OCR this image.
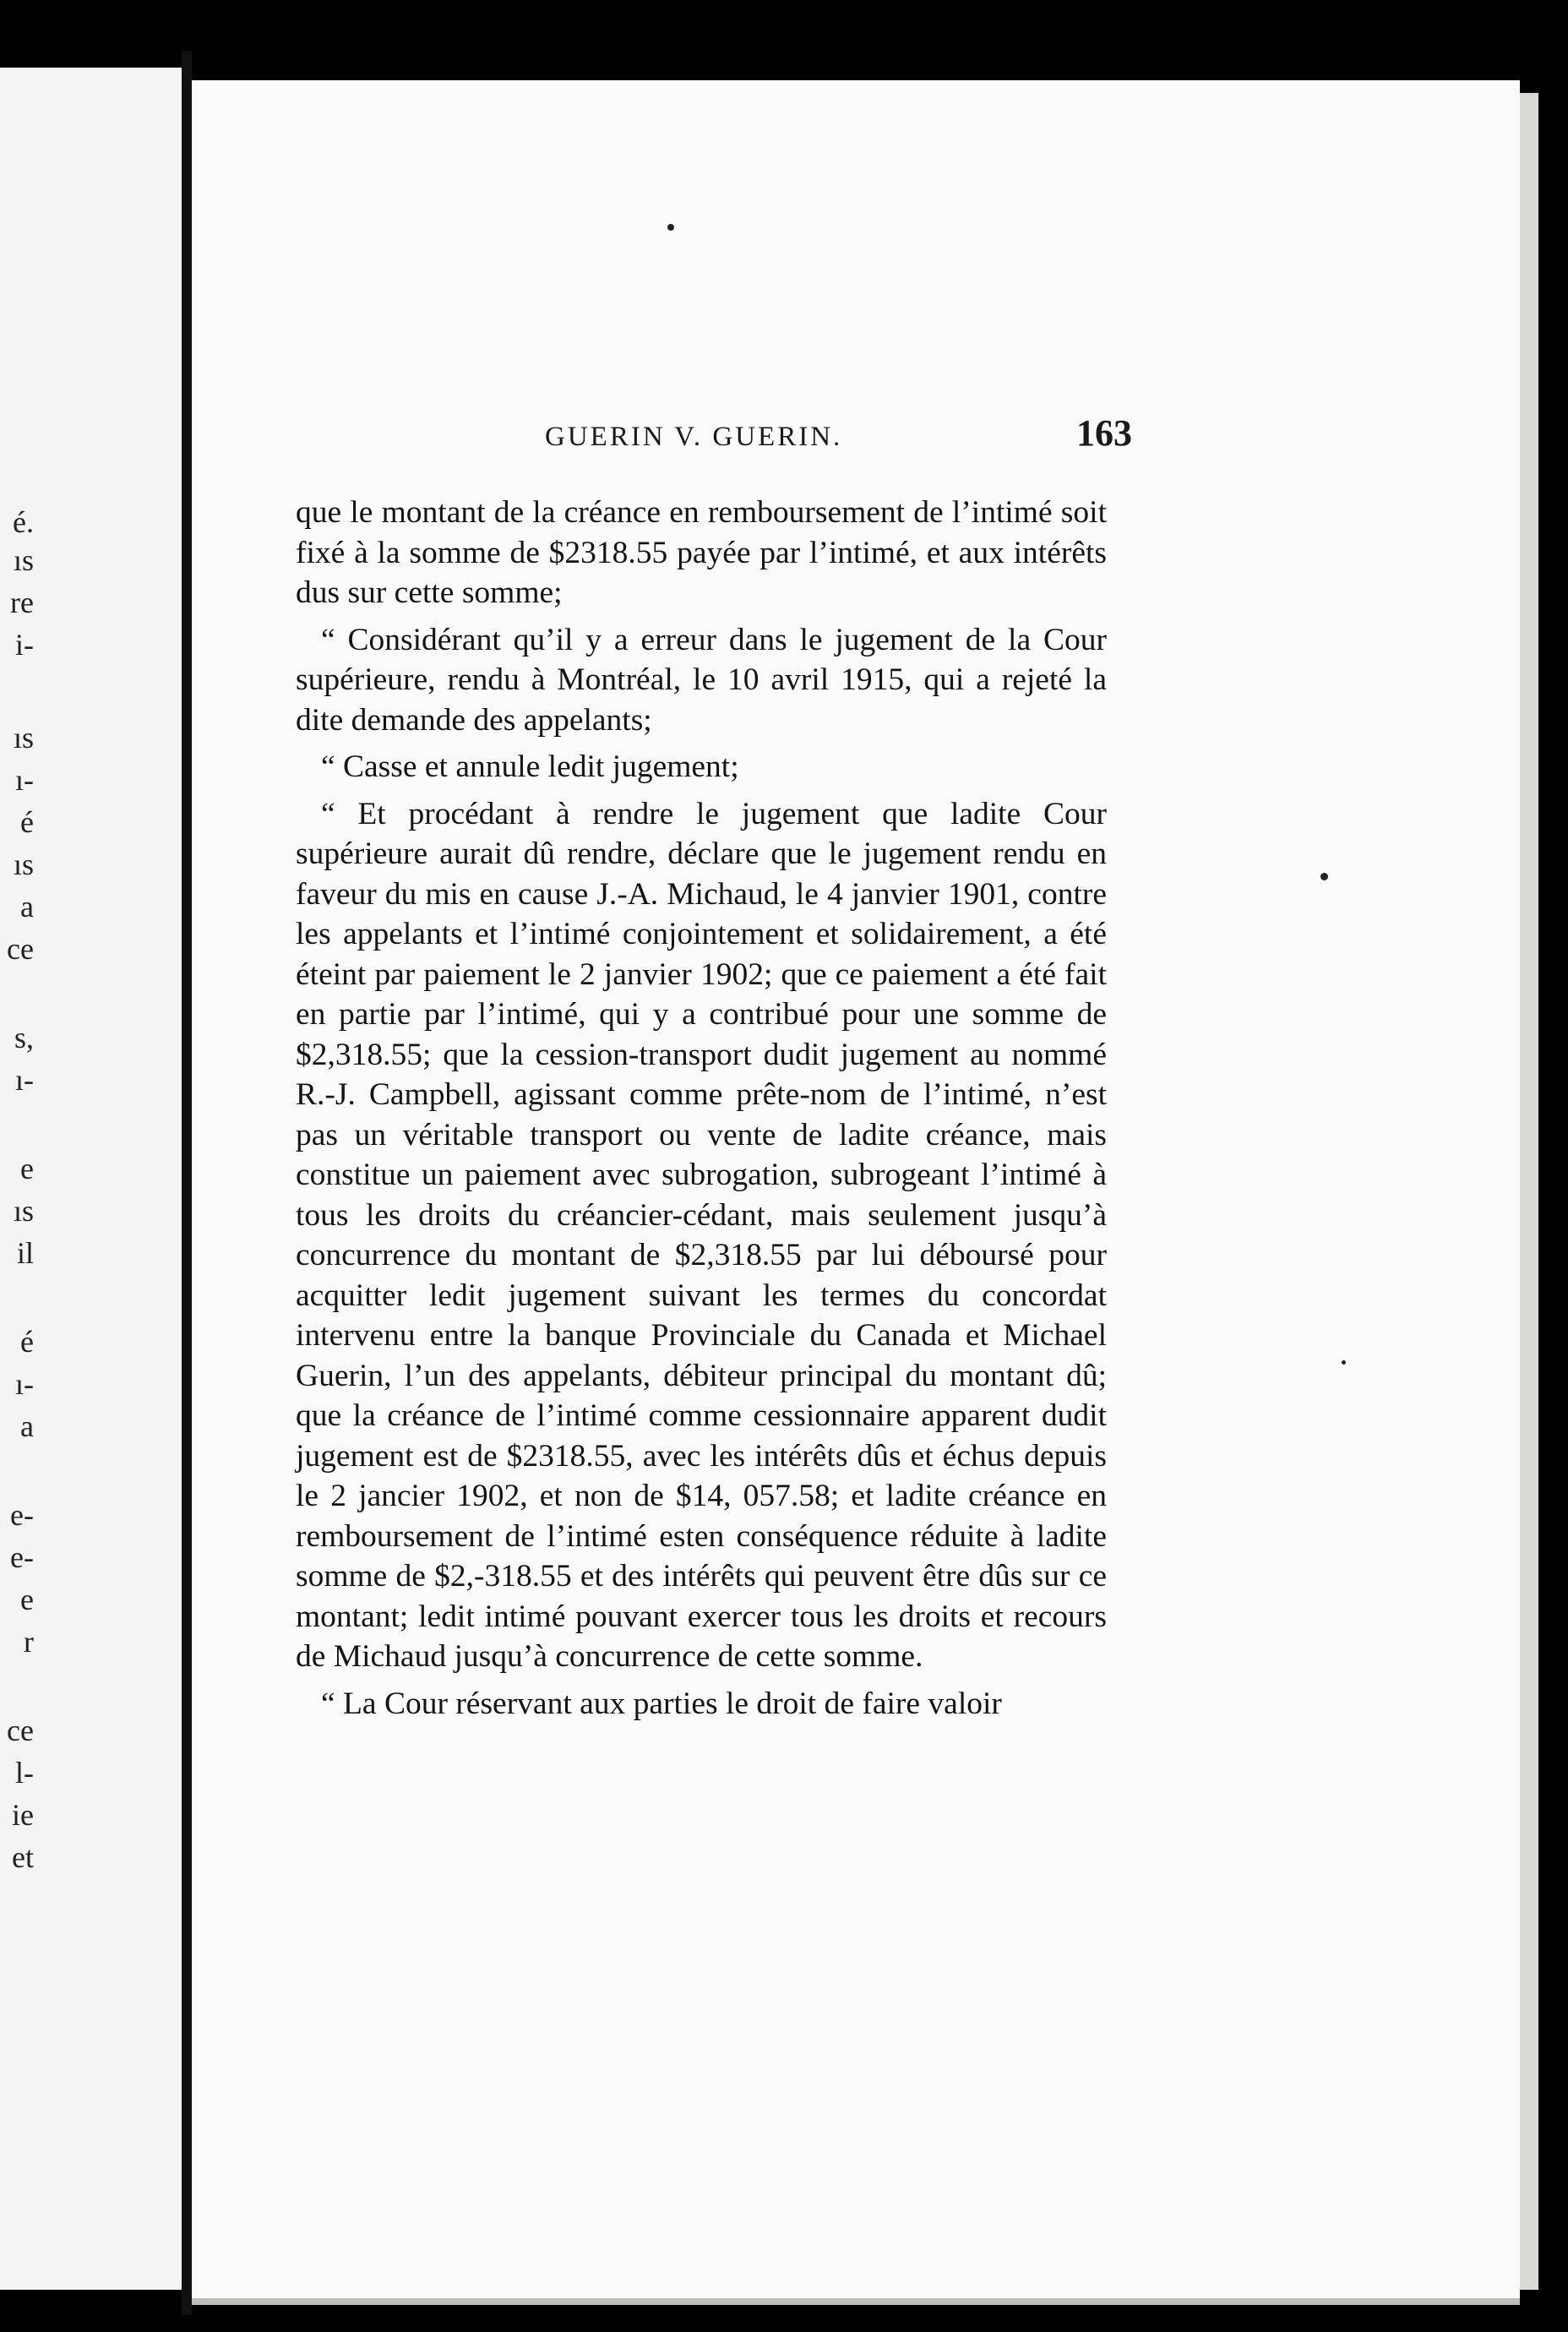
é.
ıs
re
i-
ıs
ı-
é
ıs
a
ce
s,
ı-
e
ıs
il
é
ı-
a
e-
e-
e
r
ce
l-
ie
et
GUERIN V. GUERIN.	163

que le montant de la créance en remboursement de l’intimé soit fixé à la somme de $2318.55 payée par l’intimé, et aux intérêts dus sur cette somme;

“ Considérant qu’il y a erreur dans le jugement de la Cour supérieure, rendu à Montréal, le 10 avril 1915, qui a rejeté la dite demande des appelants;

“ Casse et annule ledit jugement;

“ Et procédant à rendre le jugement que ladite Cour supérieure aurait dû rendre, déclare que le jugement rendu en faveur du mis en cause J.-A. Michaud, le 4 janvier 1901, contre les appelants et l’intimé conjointement et solidairement, a été éteint par paiement le 2 janvier 1902; que ce paiement a été fait en partie par l’intimé, qui y a contribué pour une somme de $2,318.55; que la cession-transport dudit jugement au nommé R.-J. Campbell, agissant comme prête-nom de l’intimé, n’est pas un véritable transport ou vente de ladite créance, mais constitue un paiement avec subrogation, subrogeant l’intimé à tous les droits du créancier-cédant, mais seulement jusqu’à concurrence du montant de $2,318.55 par lui déboursé pour acquitter ledit jugement suivant les termes du concordat intervenu entre la banque Provinciale du Canada et Michael Guerin, l’un des appelants, débiteur principal du montant dû; que la créance de l’intimé comme cessionnaire apparent dudit jugement est de $2318.55, avec les intérêts dûs et échus depuis le 2 jancier 1902, et non de $14, 057.58; et ladite créance en remboursement de l’intimé esten conséquence réduite à ladite somme de $2,-318.55 et des intérêts qui peuvent être dûs sur ce montant; ledit intimé pouvant exercer tous les droits et recours de Michaud jusqu’à concurrence de cette somme.

“ La Cour réservant aux parties le droit de faire valoir
